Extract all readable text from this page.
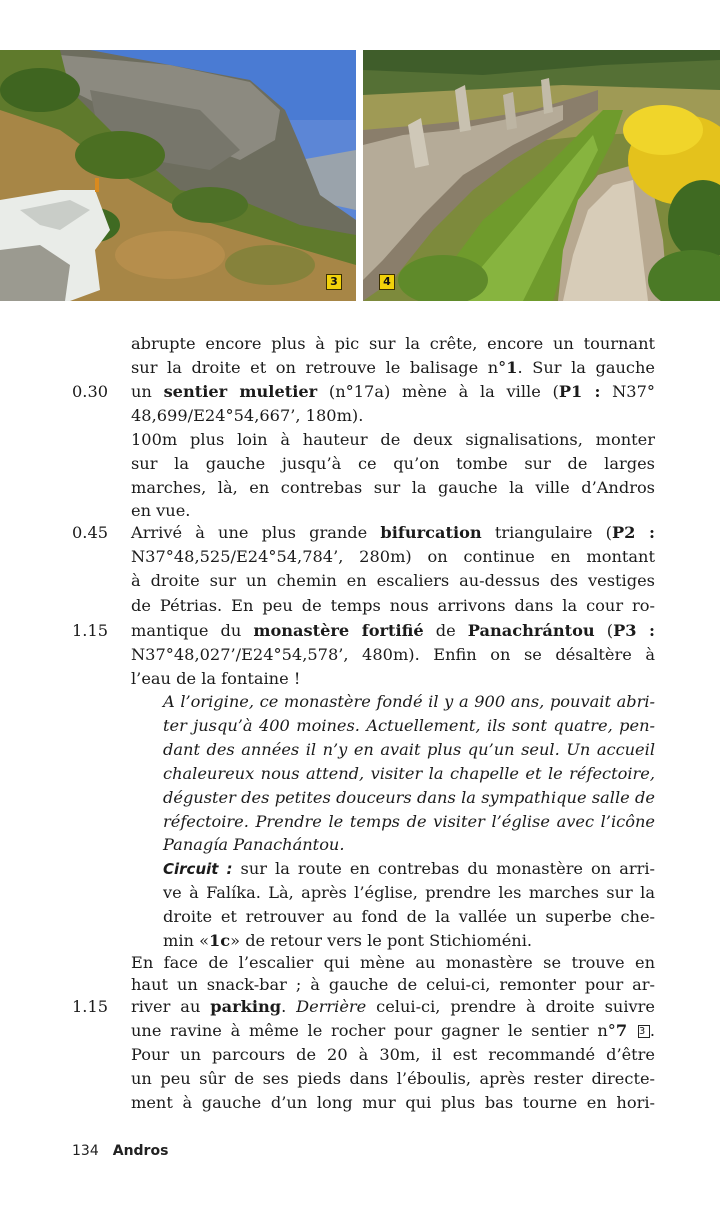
3	4
0.30
0.45
1.15
1.15
abrupte encore plus à pic sur la crête, encore un tournant
sur la droite et on retrouve le balisage n°1. Sur la gauche
un sentier muletier (n°17a) mène à la ville (P1 : N37°
48,699/E24°54,667’, 180m).
100m plus loin à hauteur de deux signalisations, monter
sur la gauche jusqu’à ce qu’on tombe sur de larges
marches, là, en contrebas sur la gauche la ville d’Andros
en vue.
Arrivé à une plus grande bifurcation triangulaire (P2 :
N37°48,525/E24°54,784’, 280m) on continue en montant
à droite sur un chemin en escaliers au-dessus des vestiges
de Pétrias. En peu de temps nous arrivons dans la cour ro-
mantique du monastère fortifié de Panachrántou (P3 :
N37°48,027’/E24°54,578’, 480m). Enfin on se désaltère à
l’eau de la fontaine !
A l’origine, ce monastère fondé il y a 900 ans, pouvait abri-
ter jusqu’à 400 moines. Actuellement, ils sont quatre, pen-
dant des années il n’y en avait plus qu’un seul. Un accueil
chaleureux nous attend, visiter la chapelle et le réfectoire,
déguster des petites douceurs dans la sympathique salle de
réfectoire. Prendre le temps de visiter l’église avec l’icône
Panagía Panachántou.
Circuit : sur la route en contrebas du monastère on arri-
ve à Falíka. Là, après l’église, prendre les marches sur la
droite et retrouver au fond de la vallée un superbe che-
min «1c» de retour vers le pont Stichioméni.
En face de l’escalier qui mène au monastère se trouve en
haut un snack-bar ; à gauche de celui-ci, remonter pour ar-
river au parking. Derrière celui-ci, prendre à droite suivre
une ravine à même le rocher pour gagner le sentier n°7 3 .
Pour un parcours de 20 à 30m, il est recommandé d’être
un peu sûr de ses pieds dans l’éboulis, après rester directe-
ment à gauche d’un long mur qui plus bas tourne en hori-
134 Andros
